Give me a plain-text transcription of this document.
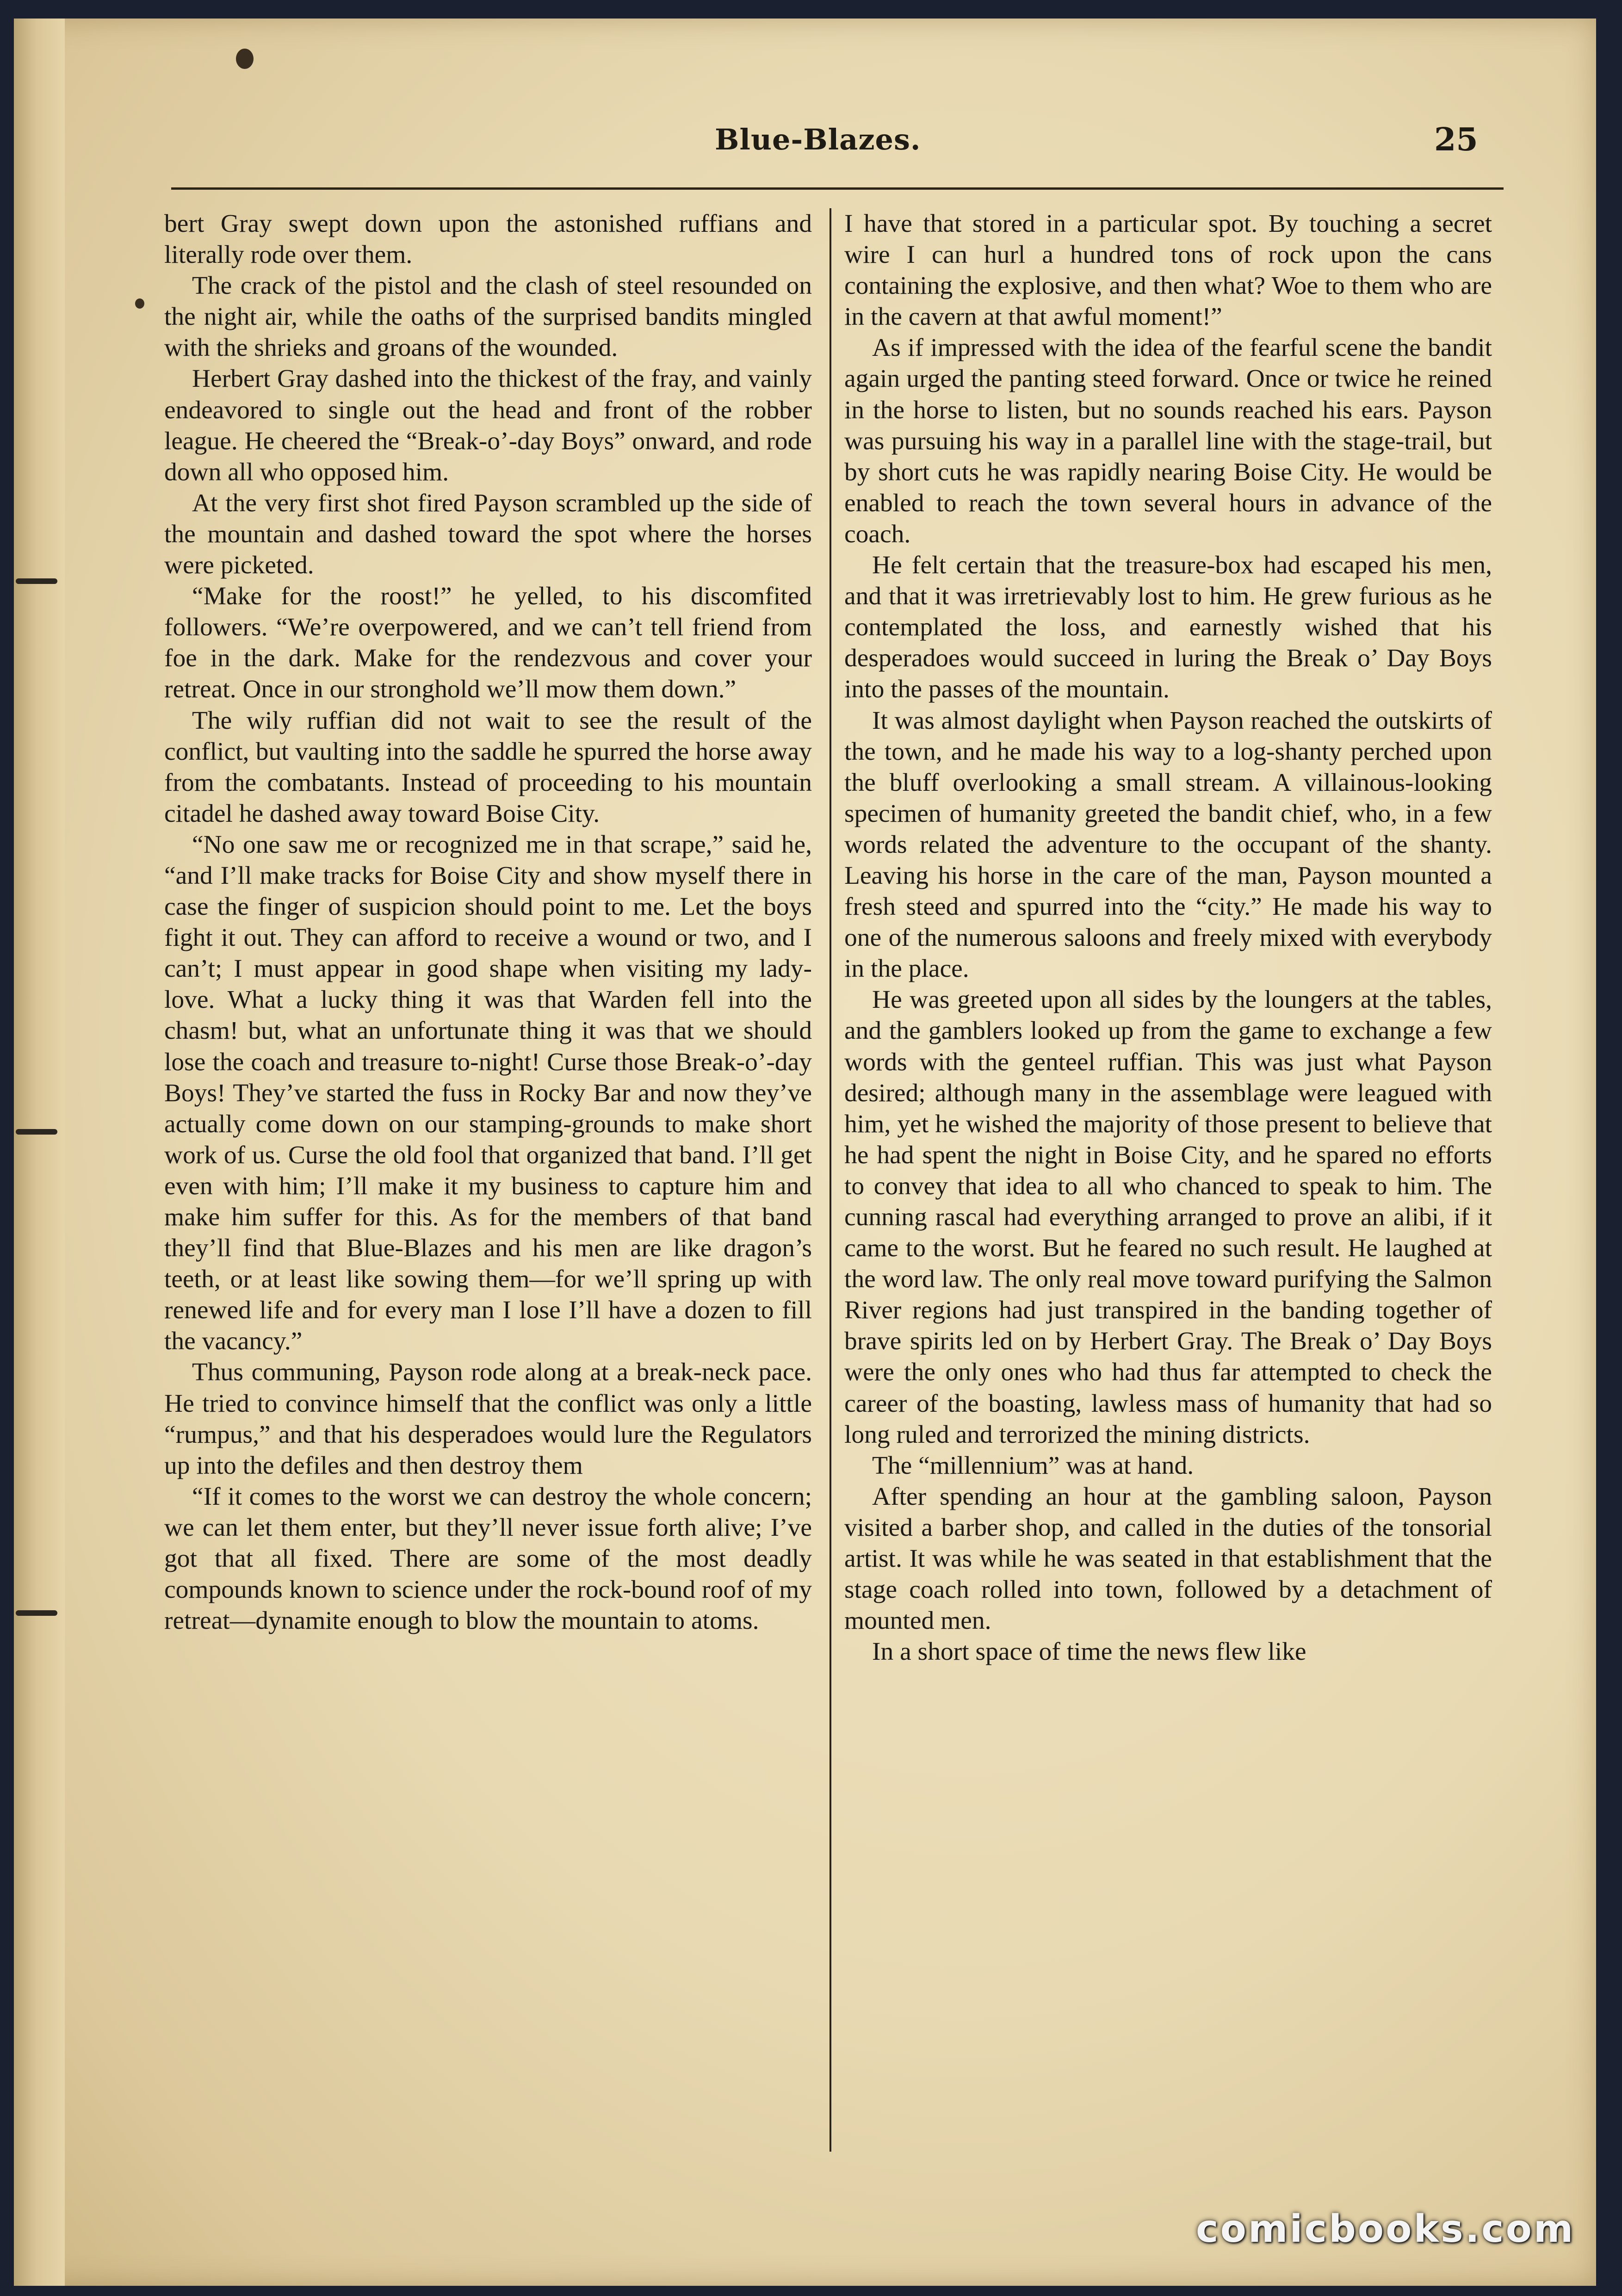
Blue-Blazes.	25

bert Gray swept down upon the astonished ruffians and literally rode over them.

The crack of the pistol and the clash of steel resounded on the night air, while the oaths of the surprised bandits mingled with the shrieks and groans of the wounded.

Herbert Gray dashed into the thickest of the fray, and vainly endeavored to single out the head and front of the robber league. He cheered the “Break-o’-day Boys” onward, and rode down all who opposed him.

At the very first shot fired Payson scrambled up the side of the mountain and dashed toward the spot where the horses were picketed.

“Make for the roost!” he yelled, to his discomfited followers. “We’re overpowered, and we can’t tell friend from foe in the dark. Make for the rendezvous and cover your retreat. Once in our stronghold we’ll mow them down.”

The wily ruffian did not wait to see the result of the conflict, but vaulting into the saddle he spurred the horse away from the combatants. Instead of proceeding to his mountain citadel he dashed away toward Boise City.

“No one saw me or recognized me in that scrape,” said he, “and I’ll make tracks for Boise City and show myself there in case the finger of suspicion should point to me. Let the boys fight it out. They can afford to receive a wound or two, and I can’t; I must appear in good shape when visiting my lady-love. What a lucky thing it was that Warden fell into the chasm! but, what an unfortunate thing it was that we should lose the coach and treasure to-night! Curse those Break-o’-day Boys! They’ve started the fuss in Rocky Bar and now they’ve actually come down on our stamping-grounds to make short work of us. Curse the old fool that organized that band. I’ll get even with him; I’ll make it my business to capture him and make him suffer for this. As for the members of that band they’ll find that Blue-Blazes and his men are like dragon’s teeth, or at least like sowing them—for we’ll spring up with renewed life and for every man I lose I’ll have a dozen to fill the vacancy.”

Thus communing, Payson rode along at a break-neck pace. He tried to convince himself that the conflict was only a little “rumpus,” and that his desperadoes would lure the Regulators up into the defiles and then destroy them

“If it comes to the worst we can destroy the whole concern; we can let them enter, but they’ll never issue forth alive; I’ve got that all fixed. There are some of the most deadly compounds known to science under the rock-bound roof of my retreat—dynamite enough to blow the mountain to atoms.

I have that stored in a particular spot. By touching a secret wire I can hurl a hundred tons of rock upon the cans containing the explosive, and then what? Woe to them who are in the cavern at that awful moment!”

As if impressed with the idea of the fearful scene the bandit again urged the panting steed forward. Once or twice he reined in the horse to listen, but no sounds reached his ears. Payson was pursuing his way in a parallel line with the stage-trail, but by short cuts he was rapidly nearing Boise City. He would be enabled to reach the town several hours in advance of the coach.

He felt certain that the treasure-box had escaped his men, and that it was irretrievably lost to him. He grew furious as he contemplated the loss, and earnestly wished that his desperadoes would succeed in luring the Break o’ Day Boys into the passes of the mountain.

It was almost daylight when Payson reached the outskirts of the town, and he made his way to a log-shanty perched upon the bluff overlooking a small stream. A villainous-looking specimen of humanity greeted the bandit chief, who, in a few words related the adventure to the occupant of the shanty. Leaving his horse in the care of the man, Payson mounted a fresh steed and spurred into the “city.” He made his way to one of the numerous saloons and freely mixed with everybody in the place.

He was greeted upon all sides by the loungers at the tables, and the gamblers looked up from the game to exchange a few words with the genteel ruffian. This was just what Payson desired; although many in the assemblage were leagued with him, yet he wished the majority of those present to believe that he had spent the night in Boise City, and he spared no efforts to convey that idea to all who chanced to speak to him. The cunning rascal had everything arranged to prove an alibi, if it came to the worst. But he feared no such result. He laughed at the word law. The only real move toward purifying the Salmon River regions had just transpired in the banding together of brave spirits led on by Herbert Gray. The Break o’ Day Boys were the only ones who had thus far attempted to check the career of the boasting, lawless mass of humanity that had so long ruled and terrorized the mining districts.

The “millennium” was at hand.

After spending an hour at the gambling saloon, Payson visited a barber shop, and called in the duties of the tonsorial artist. It was while he was seated in that establishment that the stage coach rolled into town, followed by a detachment of mounted men.

In a short space of time the news flew like

comicbooks.com
